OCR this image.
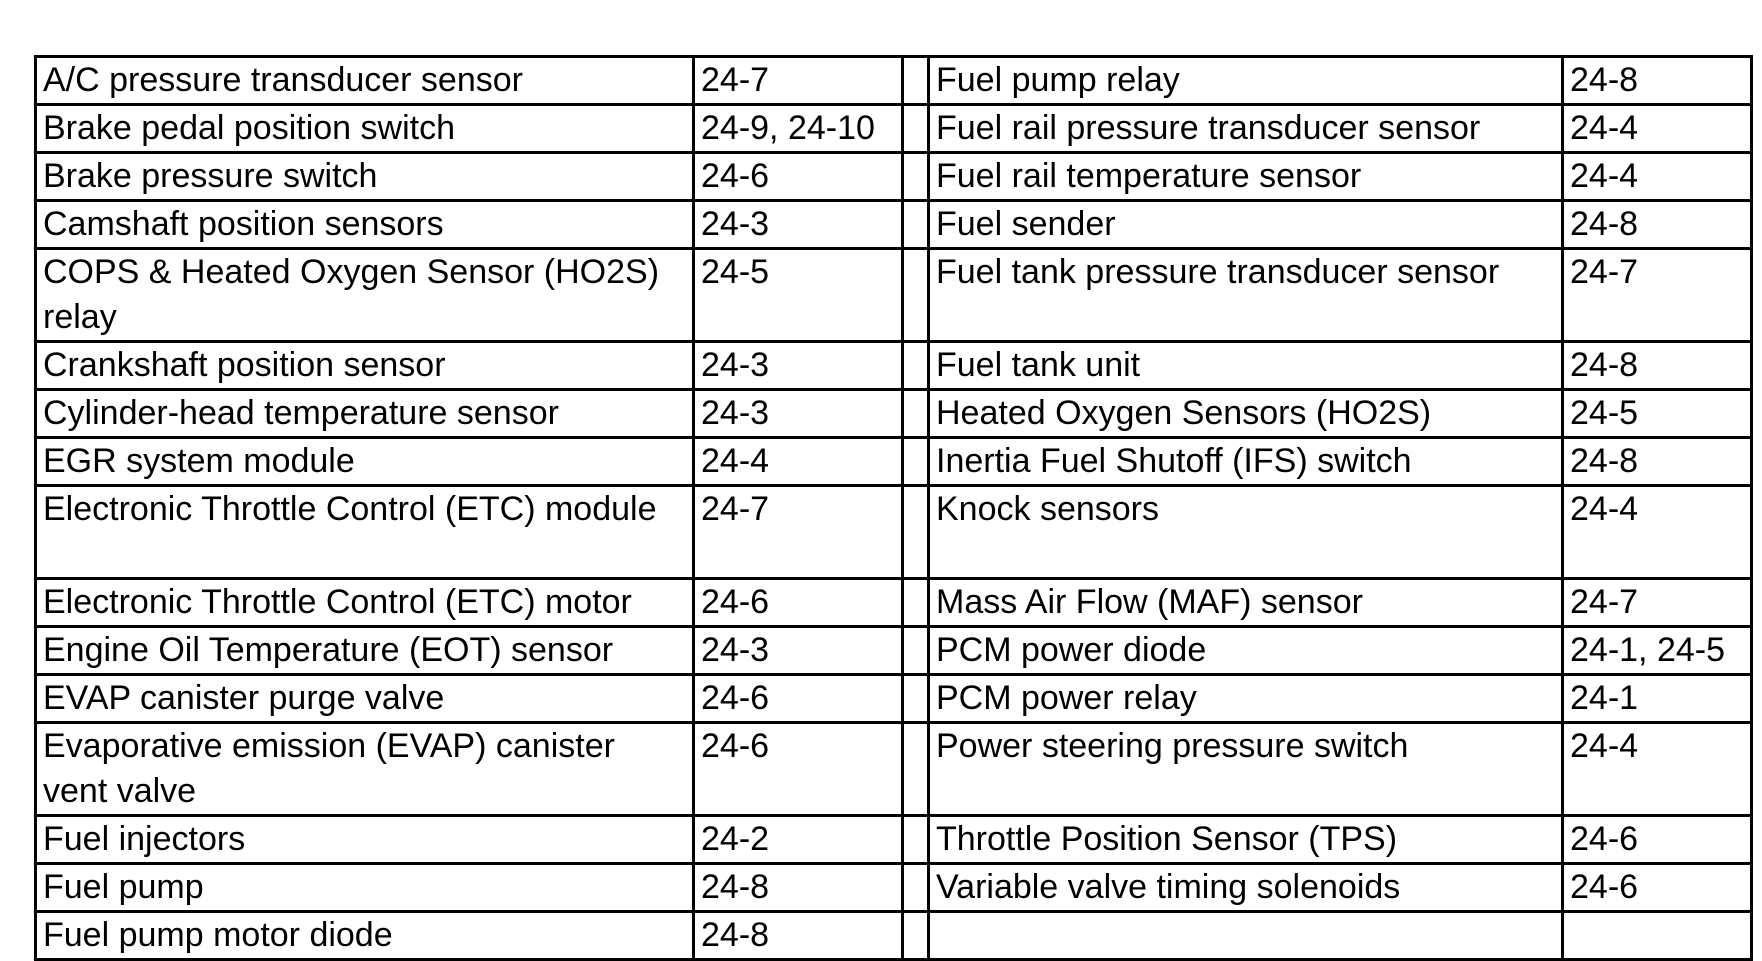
A/C pressure transducer sensor	24-7		Fuel pump relay	24-8
Brake pedal position switch	24-9, 24-10		Fuel rail pressure transducer sensor	24-4
Brake pressure switch	24-6		Fuel rail temperature sensor	24-4
Camshaft position sensors	24-3		Fuel sender	24-8
COPS & Heated Oxygen Sensor (HO2S) relay	24-5		Fuel tank pressure transducer sensor	24-7
Crankshaft position sensor	24-3		Fuel tank unit	24-8
Cylinder-head temperature sensor	24-3		Heated Oxygen Sensors (HO2S)	24-5
EGR system module	24-4		Inertia Fuel Shutoff (IFS) switch	24-8
Electronic Throttle Control (ETC) module	24-7		Knock sensors	24-4
Electronic Throttle Control (ETC) motor	24-6		Mass Air Flow (MAF) sensor	24-7
Engine Oil Temperature (EOT) sensor	24-3		PCM power diode	24-1, 24-5
EVAP canister purge valve	24-6		PCM power relay	24-1
Evaporative emission (EVAP) canister vent valve	24-6		Power steering pressure switch	24-4
Fuel injectors	24-2		Throttle Position Sensor (TPS)	24-6
Fuel pump	24-8		Variable valve timing solenoids	24-6
Fuel pump motor diode	24-8			
